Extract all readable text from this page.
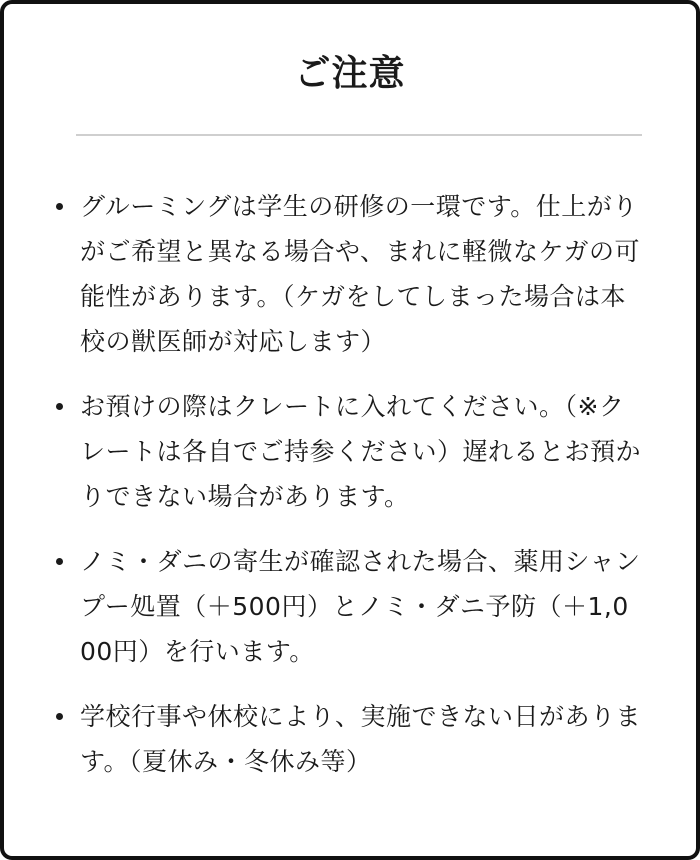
ご注意
グルーミングは学生の研修の一環です。仕上がりがご希望と異なる場合や、まれに軽微なケガの可能性があります。（ケガをしてしまった場合は本校の獣医師が対応します）
お預けの際はクレートに入れてください。（※クレートは各自でご持参ください）遅れるとお預かりできない場合があります。
ノミ・ダニの寄生が確認された場合、薬用シャンプー処置（＋500円）とノミ・ダニ予防（＋1,000円）を行います。
学校行事や休校により、実施できない日があります。（夏休み・冬休み等）
